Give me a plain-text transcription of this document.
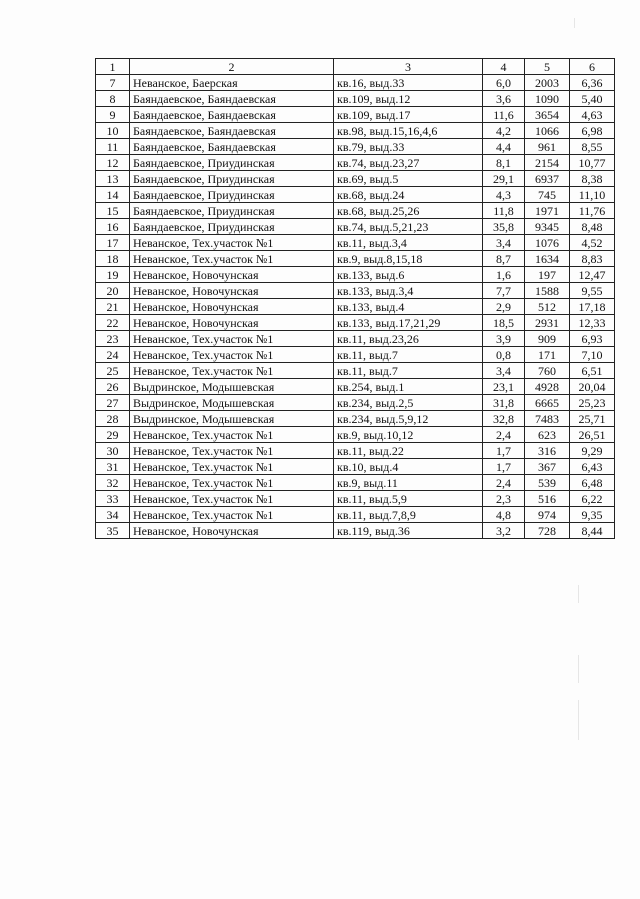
1	2	3	4	5	6
7	Неванское, Баерская	кв.16, выд.33	6,0	2003	6,36
8	Баяндаевское, Баяндаевская	кв.109, выд.12	3,6	1090	5,40
9	Баяндаевское, Баяндаевская	кв.109, выд.17	11,6	3654	4,63
10	Баяндаевское, Баяндаевская	кв.98, выд.15,16,4,6	4,2	1066	6,98
11	Баяндаевское, Баяндаевская	кв.79, выд.33	4,4	961	8,55
12	Баяндаевское, Приудинская	кв.74, выд.23,27	8,1	2154	10,77
13	Баяндаевское, Приудинская	кв.69, выд.5	29,1	6937	8,38
14	Баяндаевское, Приудинская	кв.68, выд.24	4,3	745	11,10
15	Баяндаевское, Приудинская	кв.68, выд.25,26	11,8	1971	11,76
16	Баяндаевское, Приудинская	кв.74, выд.5,21,23	35,8	9345	8,48
17	Неванское, Тех.участок №1	кв.11, выд.3,4	3,4	1076	4,52
18	Неванское, Тех.участок №1	кв.9, выд.8,15,18	8,7	1634	8,83
19	Неванское, Новочунская	кв.133, выд.6	1,6	197	12,47
20	Неванское, Новочунская	кв.133, выд.3,4	7,7	1588	9,55
21	Неванское, Новочунская	кв.133, выд.4	2,9	512	17,18
22	Неванское, Новочунская	кв.133, выд.17,21,29	18,5	2931	12,33
23	Неванское, Тех.участок №1	кв.11, выд.23,26	3,9	909	6,93
24	Неванское, Тех.участок №1	кв.11, выд.7	0,8	171	7,10
25	Неванское, Тех.участок №1	кв.11, выд.7	3,4	760	6,51
26	Выдринское, Модышевская	кв.254, выд.1	23,1	4928	20,04
27	Выдринское, Модышевская	кв.234, выд.2,5	31,8	6665	25,23
28	Выдринское, Модышевская	кв.234, выд.5,9,12	32,8	7483	25,71
29	Неванское, Тех.участок №1	кв.9, выд.10,12	2,4	623	26,51
30	Неванское, Тех.участок №1	кв.11, выд.22	1,7	316	9,29
31	Неванское, Тех.участок №1	кв.10, выд.4	1,7	367	6,43
32	Неванское, Тех.участок №1	кв.9, выд.11	2,4	539	6,48
33	Неванское, Тех.участок №1	кв.11, выд.5,9	2,3	516	6,22
34	Неванское, Тех.участок №1	кв.11, выд.7,8,9	4,8	974	9,35
35	Неванское, Новочунская	кв.119, выд.36	3,2	728	8,44
